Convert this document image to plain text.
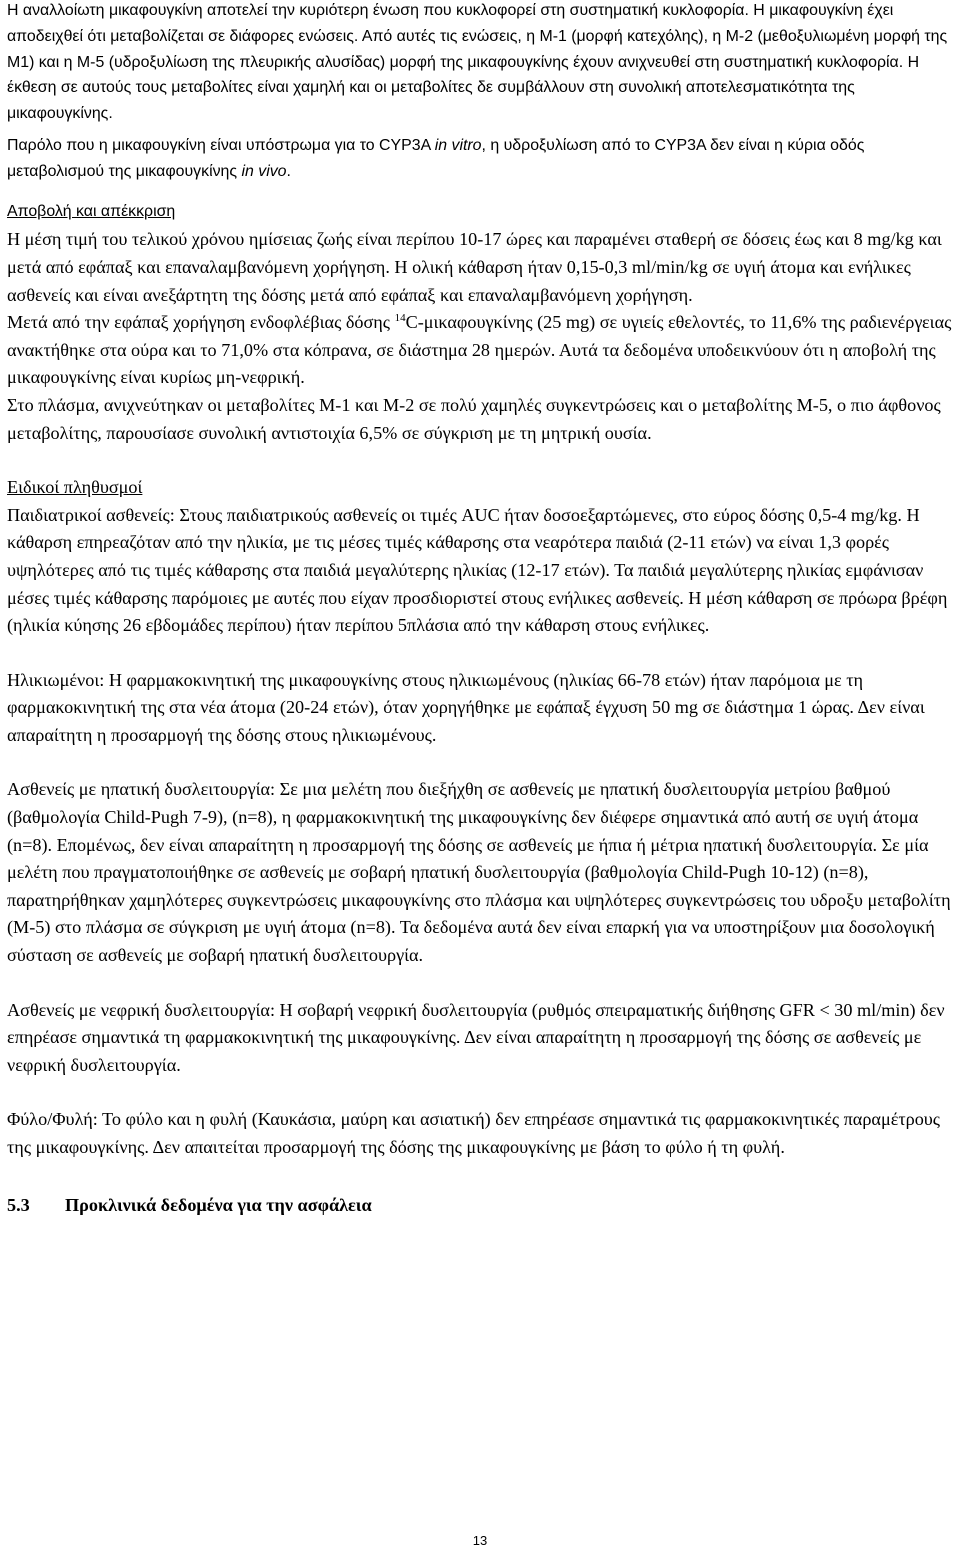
Η αναλλοίωτη μικαφουγκίνη αποτελεί την κυριότερη ένωση που κυκλοφορεί στη συστηματική κυκλοφορία. Η μικαφουγκίνη έχει αποδειχθεί ότι μεταβολίζεται σε διάφορες ενώσεις. Από αυτές τις ενώσεις, η Μ-1 (μορφή κατεχόλης), η Μ-2 (μεθοξυλιωμένη μορφή της Μ1) και η Μ-5 (υδροξυλίωση της πλευρικής αλυσίδας) μορφή της μικαφουγκίνης έχουν ανιχνευθεί στη συστηματική κυκλοφορία. Η έκθεση σε αυτούς τους μεταβολίτες είναι χαμηλή και οι μεταβολίτες δε συμβάλλουν στη συνολική αποτελεσματικότητα της μικαφουγκίνης.

Παρόλο που η μικαφουγκίνη είναι υπόστρωμα για το CYP3A in vitro, η υδροξυλίωση από το CYP3A δεν είναι η κύρια οδός μεταβολισμού της μικαφουγκίνης in vivo.

Αποβολή και απέκκριση

Η μέση τιμή του τελικού χρόνου ημίσειας ζωής είναι περίπου 10-17 ώρες και παραμένει σταθερή σε δόσεις έως και 8 mg/kg και μετά από εφάπαξ και επαναλαμβανόμενη χορήγηση. Η ολική κάθαρση ήταν 0,15-0,3 ml/min/kg σε υγιή άτομα και ενήλικες ασθενείς και είναι ανεξάρτητη της δόσης μετά από εφάπαξ και επαναλαμβανόμενη χορήγηση.

Μετά από την εφάπαξ χορήγηση ενδοφλέβιας δόσης $^{14}$C-μικαφουγκίνης (25 mg) σε υγιείς εθελοντές, το 11,6% της ραδιενέργειας ανακτήθηκε στα ούρα και το 71,0% στα κόπρανα, σε διάστημα 28 ημερών. Αυτά τα δεδομένα υποδεικνύουν ότι η αποβολή της μικαφουγκίνης είναι κυρίως μη-νεφρική.

Στο πλάσμα, ανιχνεύτηκαν οι μεταβολίτες Μ-1 και Μ-2 σε πολύ χαμηλές συγκεντρώσεις και ο μεταβολίτης Μ-5, ο πιο άφθονος μεταβολίτης, παρουσίασε συνολική αντιστοιχία 6,5% σε σύγκριση με τη μητρική ουσία.

Ειδικοί πληθυσμοί

Παιδιατρικοί ασθενείς: Στους παιδιατρικούς ασθενείς οι τιμές AUC ήταν δοσοεξαρτώμενες, στο εύρος δόσης 0,5-4 mg/kg. Η κάθαρση επηρεαζόταν από την ηλικία, με τις μέσες τιμές κάθαρσης στα νεαρότερα παιδιά (2-11 ετών) να είναι 1,3 φορές υψηλότερες από τις τιμές κάθαρσης στα παιδιά μεγαλύτερης ηλικίας (12-17 ετών). Τα παιδιά μεγαλύτερης ηλικίας εμφάνισαν μέσες τιμές κάθαρσης παρόμοιες με αυτές που είχαν προσδιοριστεί στους ενήλικες ασθενείς. Η μέση κάθαρση σε πρόωρα βρέφη (ηλικία κύησης 26 εβδομάδες περίπου) ήταν περίπου 5πλάσια από την κάθαρση στους ενήλικες.

Ηλικιωμένοι: Η φαρμακοκινητική της μικαφουγκίνης στους ηλικιωμένους (ηλικίας 66-78 ετών) ήταν παρόμοια με τη φαρμακοκινητική της στα νέα άτομα (20-24 ετών), όταν χορηγήθηκε με εφάπαξ έγχυση 50 mg σε διάστημα 1 ώρας. Δεν είναι απαραίτητη η προσαρμογή της δόσης στους ηλικιωμένους.

Ασθενείς με ηπατική δυσλειτουργία: Σε μια μελέτη που διεξήχθη σε ασθενείς με ηπατική δυσλειτουργία μετρίου βαθμού (βαθμολογία Child-Pugh 7-9), (n=8), η φαρμακοκινητική της μικαφουγκίνης δεν διέφερε σημαντικά από αυτή σε υγιή άτομα (n=8). Επομένως, δεν είναι απαραίτητη η προσαρμογή της δόσης σε ασθενείς με ήπια ή μέτρια ηπατική δυσλειτουργία. Σε μία μελέτη που πραγματοποιήθηκε σε ασθενείς με σοβαρή ηπατική δυσλειτουργία (βαθμολογία Child-Pugh 10-12) (n=8), παρατηρήθηκαν χαμηλότερες συγκεντρώσεις μικαφουγκίνης στο πλάσμα και υψηλότερες συγκεντρώσεις του υδροξυ μεταβολίτη (Μ-5) στο πλάσμα σε σύγκριση με υγιή άτομα (n=8). Τα δεδομένα αυτά δεν είναι επαρκή για να υποστηρίξουν μια δοσολογική σύσταση σε ασθενείς με σοβαρή ηπατική δυσλειτουργία.

Ασθενείς με νεφρική δυσλειτουργία: Η σοβαρή νεφρική δυσλειτουργία (ρυθμός σπειραματικής διήθησης GFR < 30 ml/min) δεν επηρέασε σημαντικά τη φαρμακοκινητική της μικαφουγκίνης. Δεν είναι απαραίτητη η προσαρμογή της δόσης σε ασθενείς με νεφρική δυσλειτουργία.

Φύλο/Φυλή: Το φύλο και η φυλή (Καυκάσια, μαύρη και ασιατική) δεν επηρέασε σημαντικά τις φαρμακοκινητικές παραμέτρους της μικαφουγκίνης. Δεν απαιτείται προσαρμογή της δόσης της μικαφουγκίνης με βάση το φύλο ή τη φυλή.

5.3 Προκλινικά δεδομένα για την ασφάλεια

13
